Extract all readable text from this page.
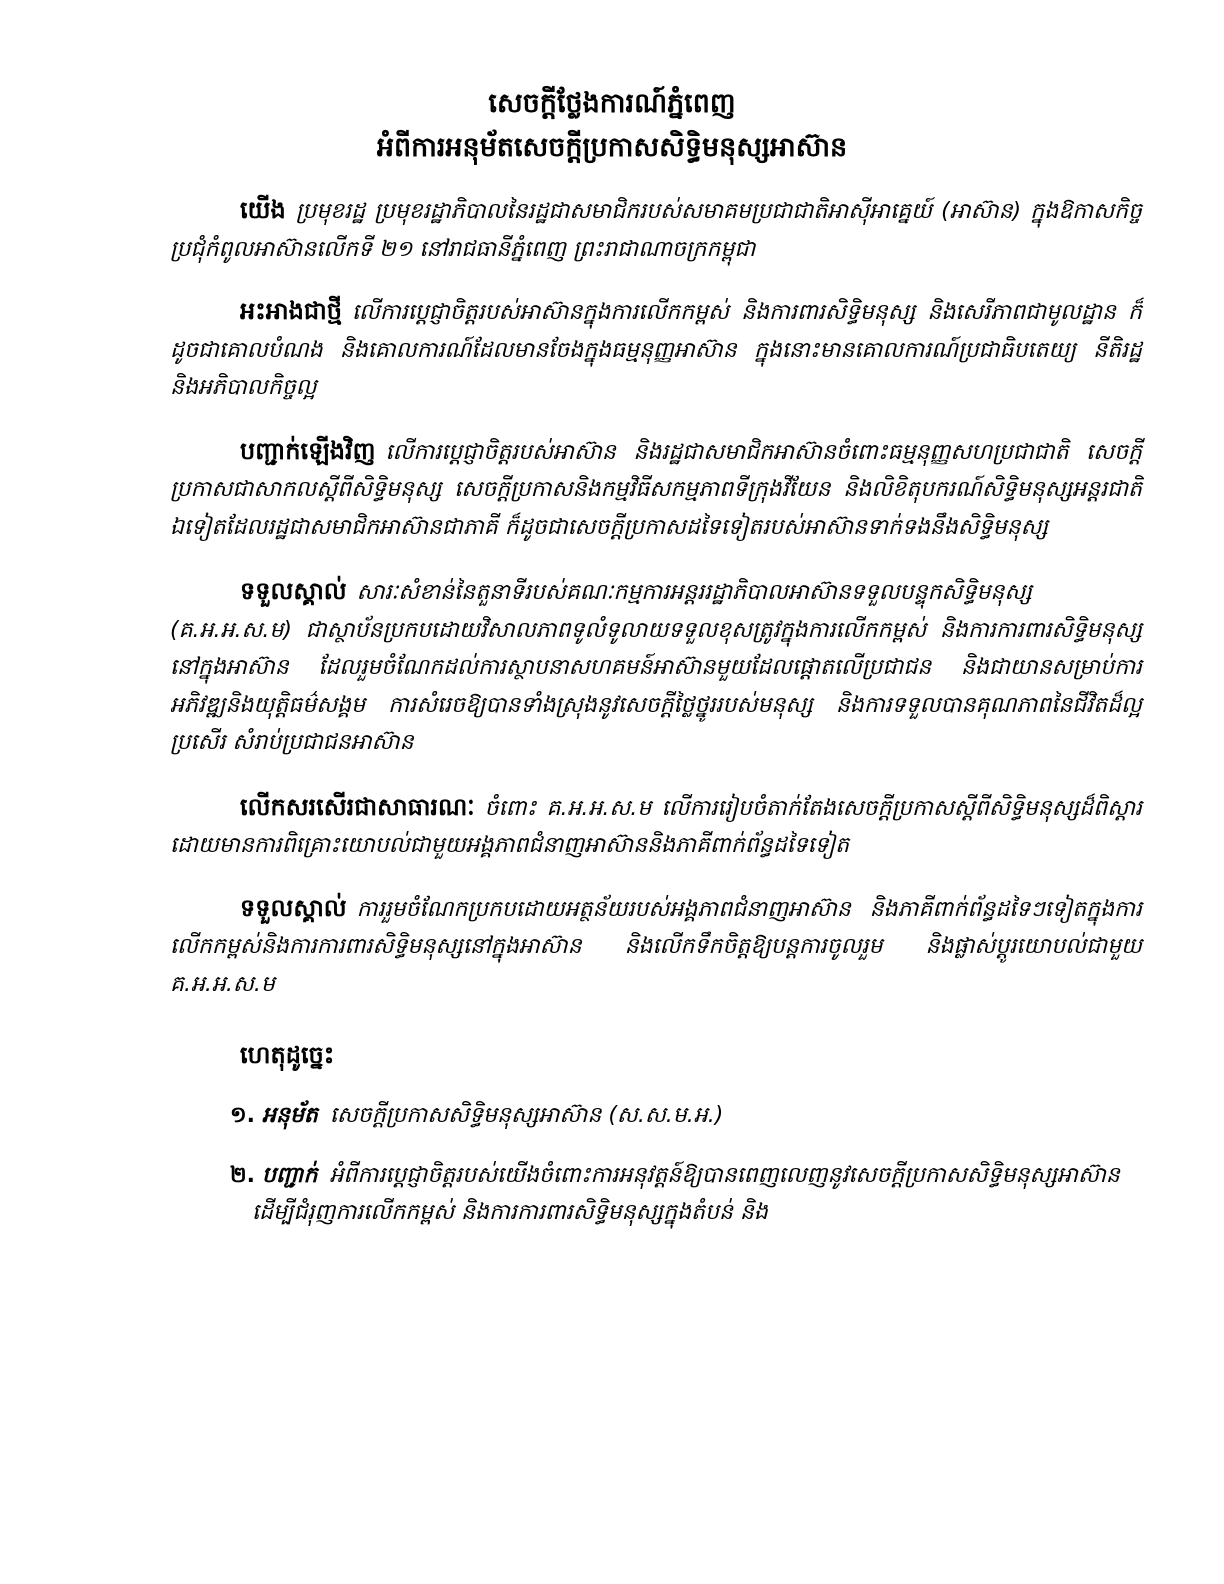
សេចក្ដីថ្លែងការណ៍ភ្នំពេញ
អំពីការអនុម័តសេចក្ដីប្រកាសសិទ្ធិមនុស្សអាស៊ាន

យើង ប្រមុខរដ្ឋ ប្រមុខរដ្ឋាភិបាលនៃរដ្ឋជាសមាជិករបស់សមាគមប្រជាជាតិអាស៊ីអាគ្នេយ៍ (អាស៊ាន) ក្នុងឱកាសកិច្ចប្រជុំកំពូលអាស៊ានលើកទី ២១ នៅរាជធានីភ្នំពេញ ព្រះរាជាណាចក្រកម្ពុជា

អះអាងជាថ្មី លើការប្ដេជ្ញាចិត្តរបស់អាស៊ានក្នុងការលើកកម្ពស់ និងការពារសិទ្ធិមនុស្ស និងសេរីភាពជាមូលដ្ឋាន ក៏ដូចជាគោលបំណង និងគោលការណ៍ដែលមានចែងក្នុងធម្មនុញ្ញអាស៊ាន ក្នុងនោះមានគោលការណ៍ប្រជាធិបតេយ្យ នីតិរដ្ឋ និងអភិបាលកិច្ចល្អ

បញ្ជាក់ឡើងវិញ លើការប្ដេជ្ញាចិត្តរបស់អាស៊ាន និងរដ្ឋជាសមាជិកអាស៊ានចំពោះធម្មនុញ្ញសហប្រជាជាតិ សេចក្ដីប្រកាសជាសាកលស្ដីពីសិទ្ធិមនុស្ស សេចក្ដីប្រកាសនិងកម្មវិធីសកម្មភាពទីក្រុងវីយែន និងលិខិតុបករណ៍សិទ្ធិមនុស្សអន្តរជាតិឯទៀតដែលរដ្ឋជាសមាជិកអាស៊ានជាភាគី ក៏ដូចជាសេចក្ដីប្រកាសដទៃទៀតរបស់អាស៊ានទាក់ទងនឹងសិទ្ធិមនុស្ស

ទទួលស្គាល់ សារៈសំខាន់នៃតួនាទីរបស់គណៈកម្មការអន្តររដ្ឋាភិបាលអាស៊ានទទួលបន្ទុកសិទ្ធិមនុស្ស (គ.អ.អ.ស.ម) ជាស្ថាប័នប្រកបដោយវិសាលភាពទូលំទូលាយទទួលខុសត្រូវក្នុងការលើកកម្ពស់ និងការការពារសិទ្ធិមនុស្សនៅក្នុងអាស៊ាន ដែលរួមចំណែកដល់ការស្ថាបនាសហគមន៍អាស៊ានមួយដែលផ្ដោតលើប្រជាជន និងជាយានសម្រាប់ការអភិវឌ្ឍនិងយុត្តិធម៌សង្គម ការសំរេចឱ្យបានទាំងស្រុងនូវសេចក្ដីថ្លៃថ្នូររបស់មនុស្ស និងការទទួលបានគុណភាពនៃជីវិតដ៏ល្អប្រសើរ សំរាប់ប្រជាជនអាស៊ាន

លើកសរសើរជាសាធារណៈ ចំពោះ គ.អ.អ.ស.ម លើការរៀបចំតាក់តែងសេចក្ដីប្រកាសស្ដីពីសិទ្ធិមនុស្សដ៏ពិស្ដារ ដោយមានការពិគ្រោះយោបល់ជាមួយអង្គភាពជំនាញអាស៊ាននិងភាគីពាក់ព័ន្ធដទៃទៀត

ទទួលស្គាល់ ការរួមចំណែកប្រកបដោយអត្ថន័យរបស់អង្គភាពជំនាញអាស៊ាន និងភាគីពាក់ព័ន្ធដទៃៗទៀតក្នុងការលើកកម្ពស់និងការការពារសិទ្ធិមនុស្សនៅក្នុងអាស៊ាន និងលើកទឹកចិត្តឱ្យបន្តការចូលរួម និងផ្លាស់ប្ដូរយោបល់ជាមួយ គ.អ.អ.ស.ម

ហេតុដូច្នេះ
១. អនុម័ត សេចក្ដីប្រកាសសិទ្ធិមនុស្សអាស៊ាន (ស.ស.ម.អ.)
២. បញ្ជាក់ អំពីការប្ដេជ្ញាចិត្តរបស់យើងចំពោះការអនុវត្តន៍ឱ្យបានពេញលេញនូវសេចក្ដីប្រកាសសិទ្ធិមនុស្សអាស៊ាន ដើម្បីជំរុញការលើកកម្ពស់ និងការការពារសិទ្ធិមនុស្សក្នុងតំបន់ និង
